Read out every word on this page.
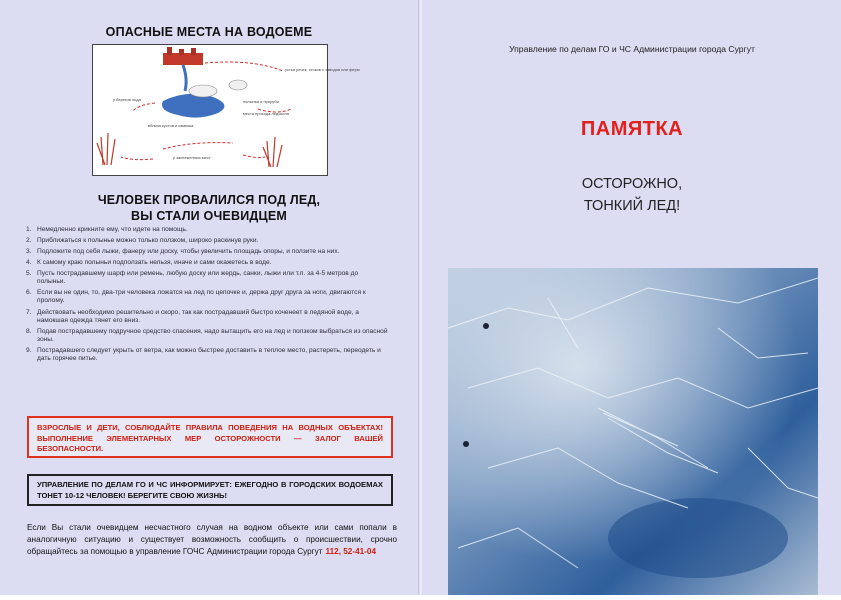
ОПАСНЫЕ МЕСТА НА ВОДОЕМЕ
устья речек, стоков с заводов или ферм
у берегов льда
вблизи кустов и камыша
полыньи и проруби
места прохода ледокола
у заснеженных мест
ЧЕЛОВЕК ПРОВАЛИЛСЯ ПОД ЛЕД,
ВЫ СТАЛИ ОЧЕВИДЦЕМ
1. Немедленно крикните ему, что идете на помощь.
2. Приближаться к полынье можно только ползком, широко раскинув руки.
3. Подложите под себя лыжи, фанеру или доску, чтобы увеличить площадь опоры, и ползите на них.
4. К самому краю полыньи подползать нельзя, иначе и сами окажетесь в воде.
5. Пусть пострадавшему шарф или ремень, любую доску или жердь, санки, лыжи или т.п. за 4-5 метров до полыньи.
6. Если вы не один, то, два-три человека ложатся на лед по цепочке и, держа друг друга за ноги, двигаются к пролому.
7. Действовать необходимо решительно и скоро, так как пострадавший быстро коченеет в ледяной воде, а намокшая одежда тянет его вниз.
8. Подав пострадавшему подручное средство спасения, надо вытащить его на лед и ползком выбраться из опасной зоны.
9. Пострадавшего следует укрыть от ветра, как можно быстрее доставить в теплое место, растереть, переодеть и дать горячее питье.
ВЗРОСЛЫЕ И ДЕТИ, СОБЛЮДАЙТЕ ПРАВИЛА ПОВЕДЕНИЯ НА ВОДНЫХ ОБЪЕКТАХ! ВЫПОЛНЕНИЕ ЭЛЕМЕНТАРНЫХ МЕР ОСТОРОЖНОСТИ — ЗАЛОГ ВАШЕЙ БЕЗОПАСНОСТИ.
УПРАВЛЕНИЕ ПО ДЕЛАМ ГО И ЧС ИНФОРМИРУЕТ: ЕЖЕГОДНО В ГОРОДСКИХ ВОДОЕМАХ ТОНЕТ 10-12 ЧЕЛОВЕК! БЕРЕГИТЕ СВОЮ ЖИЗНЬ!
Если Вы стали очевидцем несчастного случая на водном объекте или сами попали в аналогичную ситуацию и существует возможность сообщить о происшествии, срочно обращайтесь за помощью в управление ГОЧС Администрации города Сургут 112, 52-41-04
Управление по делам ГО и ЧС Администрации города Сургут
ПАМЯТКА
ОСТОРОЖНО,
ТОНКИЙ ЛЕД!
